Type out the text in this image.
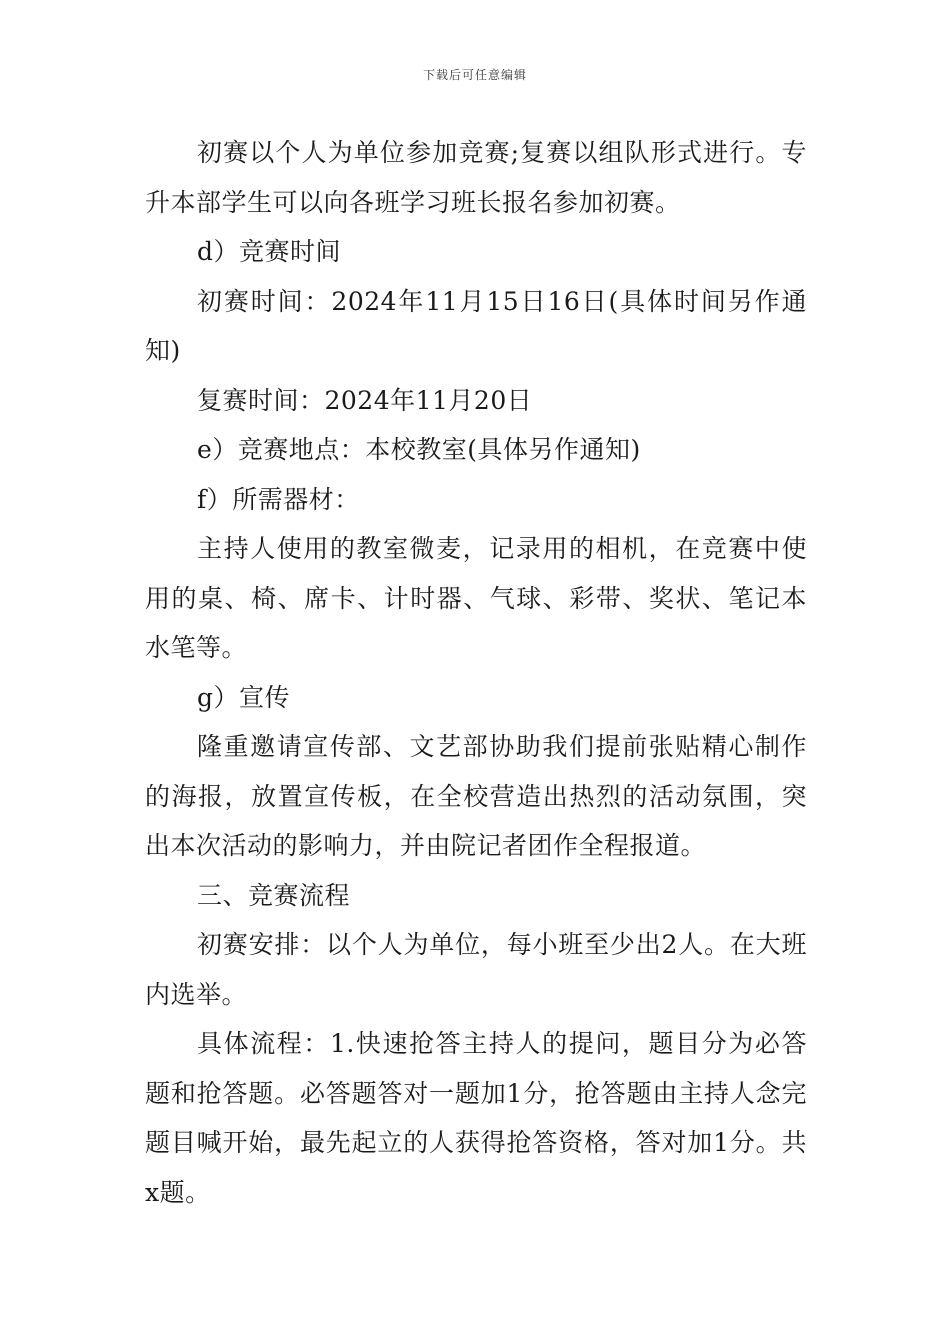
下载后可任意编辑

初赛以个人为单位参加竞赛;复赛以组队形式进行。专升本部学生可以向各班学习班长报名参加初赛。

d）竞赛时间

初赛时间：2024年11月15日16日(具体时间另作通知)

复赛时间：2024年11月20日

e）竞赛地点：本校教室(具体另作通知)

f）所需器材：

主持人使用的教室微麦，记录用的相机，在竞赛中使用的桌、椅、席卡、计时器、气球、彩带、奖状、笔记本水笔等。

g）宣传

隆重邀请宣传部、文艺部协助我们提前张贴精心制作的海报，放置宣传板，在全校营造出热烈的活动氛围，突出本次活动的影响力，并由院记者团作全程报道。

三、竞赛流程

初赛安排：以个人为单位，每小班至少出2人。在大班内选举。

具体流程：1.快速抢答主持人的提问，题目分为必答题和抢答题。必答题答对一题加1分，抢答题由主持人念完题目喊开始，最先起立的人获得抢答资格，答对加1分。共x题。
